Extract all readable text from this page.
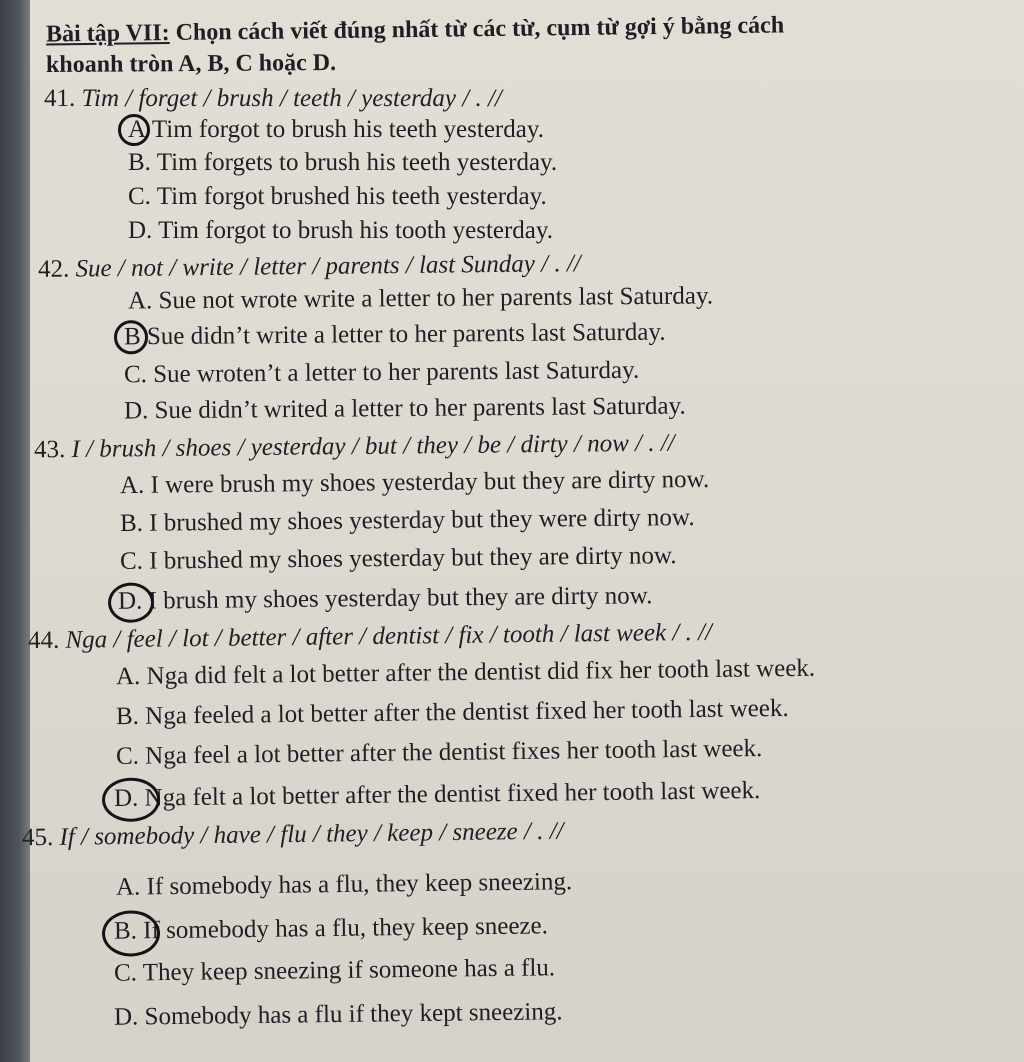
Bài tập VII: Chọn cách viết đúng nhất từ các từ, cụm từ gợi ý bằng cách
khoanh tròn A, B, C hoặc D.
41. Tim / forget / brush / teeth / yesterday / . //
A Tim forgot to brush his teeth yesterday.
B. Tim forgets to brush his teeth yesterday.
C. Tim forgot brushed his teeth yesterday.
D. Tim forgot to brush his tooth yesterday.
42. Sue / not / write / letter / parents / last Sunday / . //
A. Sue not wrote write a letter to her parents last Saturday.
B Sue didn’t write a letter to her parents last Saturday.
C. Sue wroten’t a letter to her parents last Saturday.
D. Sue didn’t writed a letter to her parents last Saturday.
43. I / brush / shoes / yesterday / but / they / be / dirty / now / . //
A. I were brush my shoes yesterday but they are dirty now.
B. I brushed my shoes yesterday but they were dirty now.
C. I brushed my shoes yesterday but they are dirty now.
D. I brush my shoes yesterday but they are dirty now.
44. Nga / feel / lot / better / after / dentist / fix / tooth / last week / . //
A. Nga did felt a lot better after the dentist did fix her tooth last week.
B. Nga feeled a lot better after the dentist fixed her tooth last week.
C. Nga feel a lot better after the dentist fixes her tooth last week.
D. Nga felt a lot better after the dentist fixed her tooth last week.
45. If / somebody / have / flu / they / keep / sneeze / . //
A. If somebody has a flu, they keep sneezing.
B. If somebody has a flu, they keep sneeze.
C. They keep sneezing if someone has a flu.
D. Somebody has a flu if they kept sneezing.
